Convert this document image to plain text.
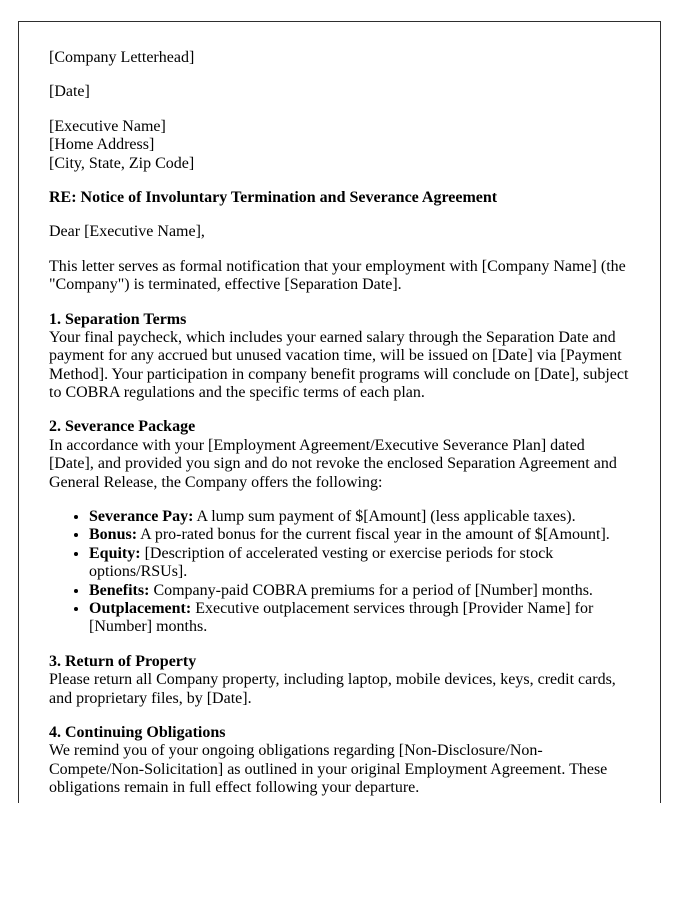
[Company Letterhead]

[Date]

[Executive Name]
[Home Address]
[City, State, Zip Code]

RE: Notice of Involuntary Termination and Severance Agreement

Dear [Executive Name],

This letter serves as formal notification that your employment with [Company Name] (the "Company") is terminated, effective [Separation Date].

1. Separation Terms
Your final paycheck, which includes your earned salary through the Separation Date and payment for any accrued but unused vacation time, will be issued on [Date] via [Payment Method]. Your participation in company benefit programs will conclude on [Date], subject to COBRA regulations and the specific terms of each plan.
2. Severance Package
In accordance with your [Employment Agreement/Executive Severance Plan] dated [Date], and provided you sign and do not revoke the enclosed Separation Agreement and General Release, the Company offers the following:
• Severance Pay: A lump sum payment of $[Amount] (less applicable taxes).
• Bonus: A pro-rated bonus for the current fiscal year in the amount of $[Amount].
• Equity: [Description of accelerated vesting or exercise periods for stock options/RSUs].
• Benefits: Company-paid COBRA premiums for a period of [Number] months.
• Outplacement: Executive outplacement services through [Provider Name] for [Number] months.
3. Return of Property
Please return all Company property, including laptop, mobile devices, keys, credit cards, and proprietary files, by [Date].
4. Continuing Obligations
We remind you of your ongoing obligations regarding [Non-Disclosure/Non-Compete/Non-Solicitation] as outlined in your original Employment Agreement. These obligations remain in full effect following your departure.
